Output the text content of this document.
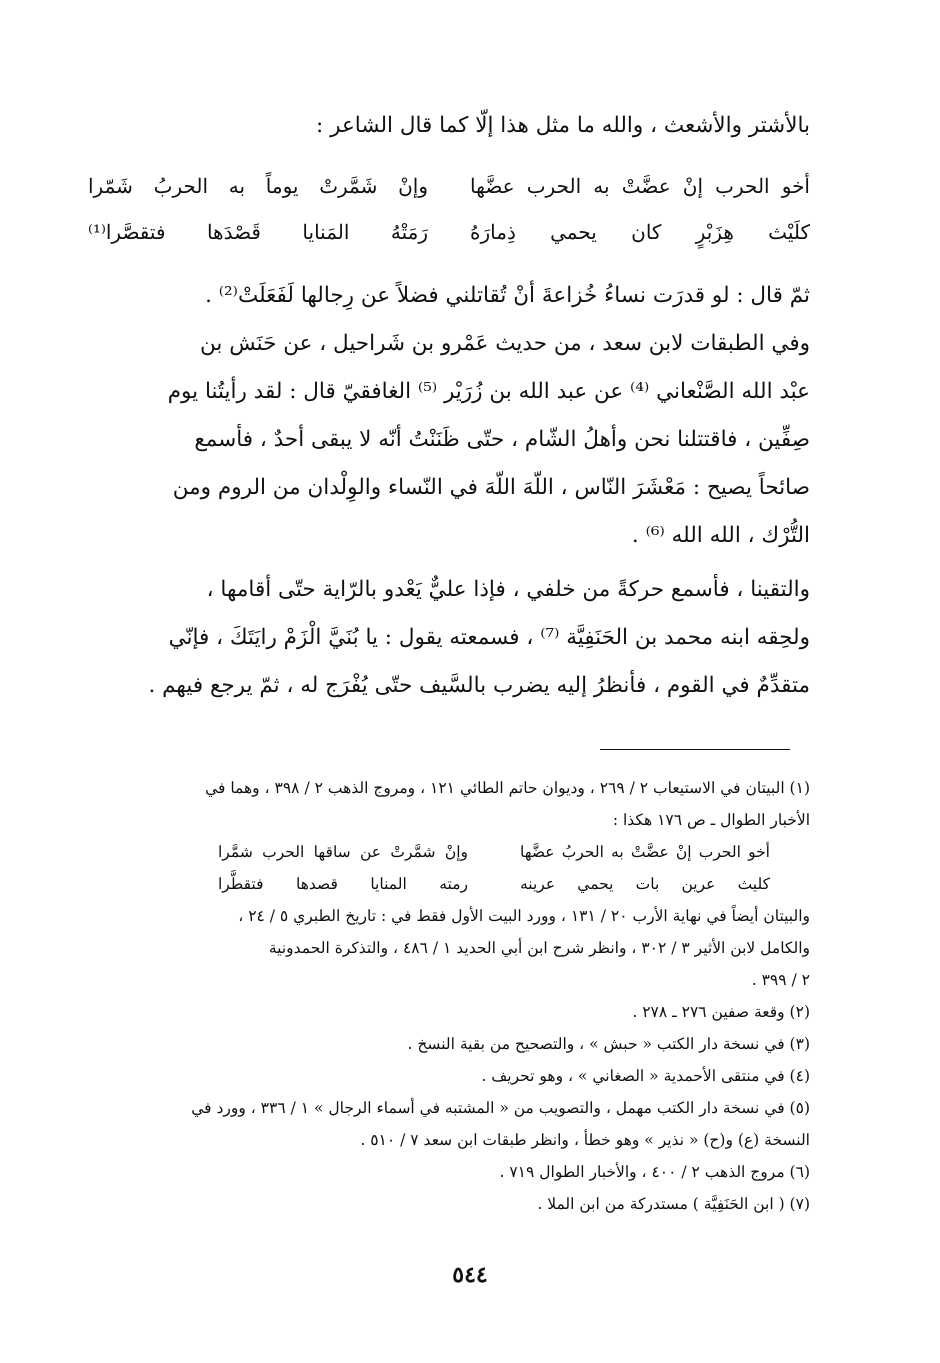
بالأشتر والأشعث ، والله ما مثل هذا إلّا كما قال الشاعر :
أخو الحرب إنْ عضَّتْ به الحرب عضَّها
وإنْ شَمَّرتْ يوماً به الحربُ شَمّرا
كلَيْث هِزَبْرٍ كان يحمي ذِمارَهُ
رَمَتْهُ المَنايا قَصْدَها فتقصَّرا⁽¹⁾
ثمّ قال : لو قدرَت نساءُ خُزاعةَ أنْ تُقاتلني فضلاً عن رِجالها لَفَعَلَتْ⁽²⁾ .
وفي الطبقات لابن سعد ، من حديث عَمْرو بن شَراحيل ، عن حَنَش بن
عبْد الله الصَّنْعاني ⁽⁴⁾ عن عبد الله بن زُرَيْر ⁽⁵⁾ الغافقيّ قال : لقد رأيتُنا يوم
صِفِّين ، فاقتتلنا نحن وأهلُ الشّام ، حتّى ظَنَنْتُ أنّه لا يبقى أحدٌ ، فأسمع
صائحاً يصيح : مَعْشَرَ النّاس ، اللّهَ اللّهَ في النّساء والوِلْدان من الروم ومن
التُّرْك ، الله الله ⁽⁶⁾ .
والتقينا ، فأسمع حركةً من خلفي ، فإذا عليٌّ يَعْدو بالرّاية حتّى أقامها ،
ولحِقه ابنه محمد بن الحَنَفِيَّة ⁽⁷⁾ ، فسمعته يقول : يا بُنَيَّ الْزَمْ رايَتَكَ ، فإنّي
متقدِّمٌ في القوم ، فأنظرُ إليه يضرب بالسَّيف حتّى يُفْرَج له ، ثمّ يرجع فيهم .
(١) البيتان في الاستيعاب ٢ / ٢٦٩ ، وديوان حاتم الطائي ١٢١ ، ومروج الذهب ٢ / ٣٩٨ ، وهما في
الأخبار الطوال ـ ص ١٧٦ هكذا :
أخو الحرب إنْ عضَّتْ به الحربُ عضَّها
وإنْ شمَّرتْ عن ساقها الحرب شمَّرا
كليث عرين بات يحمي عرينه
رمته المنايا قصدها فتقطَّرا
والبيتان أيضاً في نهاية الأرب ٢٠ / ١٣١ ، وورد البيت الأول فقط في : تاريخ الطبري ٥ / ٢٤ ،
والكامل لابن الأثير ٣ / ٣٠٢ ، وانظر شرح ابن أبي الحديد ١ / ٤٨٦ ، والتذكرة الحمدونية
٢ / ٣٩٩ .
(٢) وقعة صفين ٢٧٦ ـ ٢٧٨ .
(٣) في نسخة دار الكتب « حبش » ، والتصحيح من بقية النسخ .
(٤) في منتقى الأحمدية « الصغاني » ، وهو تحريف .
(٥) في نسخة دار الكتب مهمل ، والتصويب من « المشتبه في أسماء الرجال » ١ / ٣٣٦ ، وورد في
النسخة (ع) و(ح) « نذير » وهو خطأ ، وانظر طبقات ابن سعد ٧ / ٥١٠ .
(٦) مروج الذهب ٢ / ٤٠٠ ، والأخبار الطوال ٧١٩ .
(٧) ( ابن الحَنَفِيَّة ) مستدركة من ابن الملا .
٥٤٤
